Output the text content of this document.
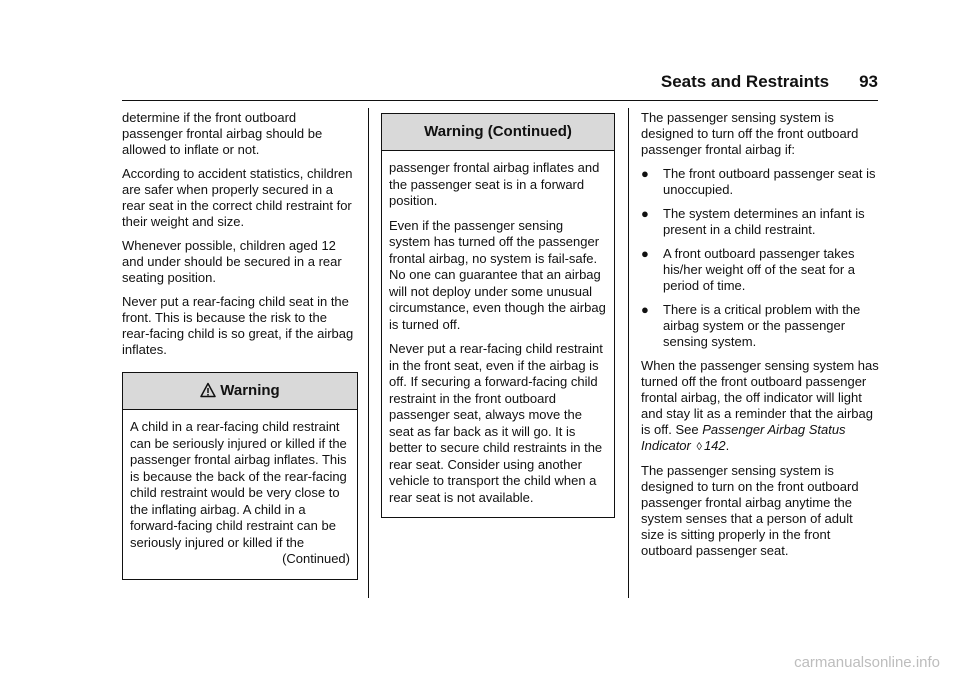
Seats and Restraints 93

determine if the front outboard passenger frontal airbag should be allowed to inflate or not.

According to accident statistics, children are safer when properly secured in a rear seat in the correct child restraint for their weight and size.

Whenever possible, children aged 12 and under should be secured in a rear seating position.

Never put a rear-facing child seat in the front. This is because the risk to the rear-facing child is so great, if the airbag inflates.

Warning

A child in a rear-facing child restraint can be seriously injured or killed if the passenger frontal airbag inflates. This is because the back of the rear-facing child restraint would be very close to the inflating airbag. A child in a forward-facing child restraint can be seriously injured or killed if the

(Continued)

Warning (Continued)

passenger frontal airbag inflates and the passenger seat is in a forward position.

Even if the passenger sensing system has turned off the passenger frontal airbag, no system is fail-safe. No one can guarantee that an airbag will not deploy under some unusual circumstance, even though the airbag is turned off.

Never put a rear-facing child restraint in the front seat, even if the airbag is off. If securing a forward-facing child restraint in the front outboard passenger seat, always move the seat as far back as it will go. It is better to secure child restraints in the rear seat. Consider using another vehicle to transport the child when a rear seat is not available.

The passenger sensing system is designed to turn off the front outboard passenger frontal airbag if:

● The front outboard passenger seat is unoccupied.
● The system determines an infant is present in a child restraint.
● A front outboard passenger takes his/her weight off of the seat for a period of time.
● There is a critical problem with the airbag system or the passenger sensing system.

When the passenger sensing system has turned off the front outboard passenger frontal airbag, the off indicator will light and stay lit as a reminder that the airbag is off. See Passenger Airbag Status Indicator ◊ 142.

The passenger sensing system is designed to turn on the front outboard passenger frontal airbag anytime the system senses that a person of adult size is sitting properly in the front outboard passenger seat.

carmanualsonline.info
